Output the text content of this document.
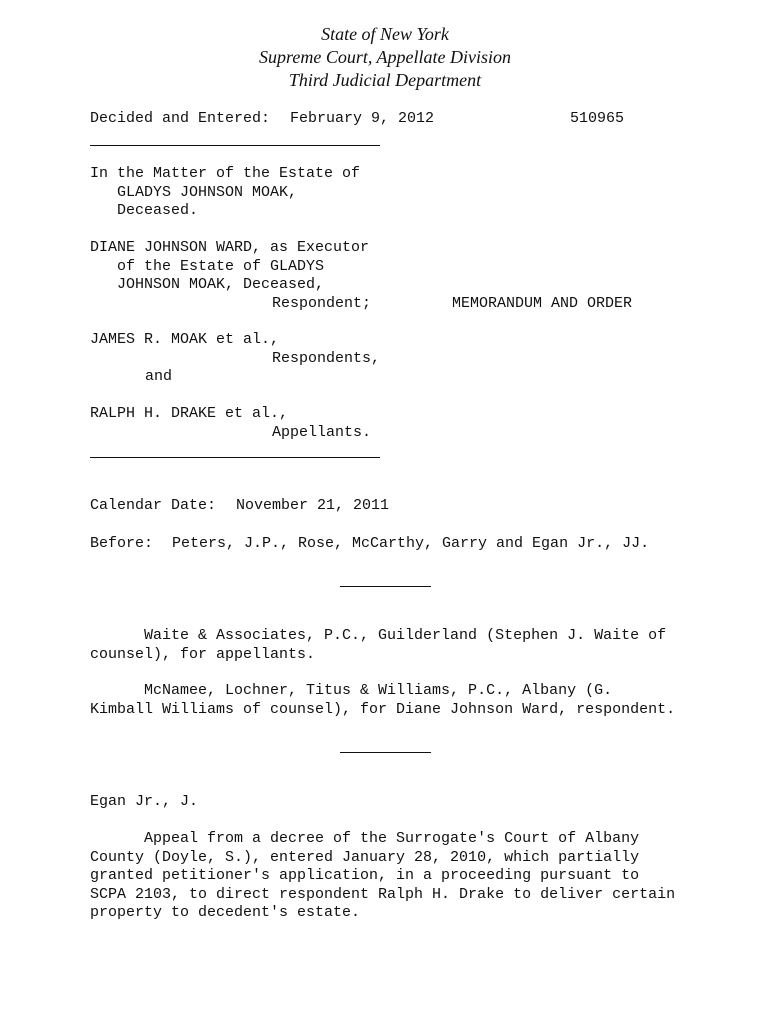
State of New York
Supreme Court, Appellate Division
Third Judicial Department
Decided and Entered: February 9, 2012	510965
In the Matter of the Estate of
GLADYS JOHNSON MOAK,
Deceased.
DIANE JOHNSON WARD, as Executor
of the Estate of GLADYS
JOHNSON MOAK, Deceased,
Respondent;	MEMORANDUM AND ORDER
JAMES R. MOAK et al.,
Respondents,
and
RALPH H. DRAKE et al.,
Appellants.
Calendar Date: November 21, 2011
Before: Peters, J.P., Rose, McCarthy, Garry and Egan Jr., JJ.
Waite & Associates, P.C., Guilderland (Stephen J. Waite of
counsel), for appellants.
McNamee, Lochner, Titus & Williams, P.C., Albany (G.
Kimball Williams of counsel), for Diane Johnson Ward, respondent.
Egan Jr., J.
Appeal from a decree of the Surrogate's Court of Albany
County (Doyle, S.), entered January 28, 2010, which partially
granted petitioner's application, in a proceeding pursuant to
SCPA 2103, to direct respondent Ralph H. Drake to deliver certain
property to decedent's estate.
